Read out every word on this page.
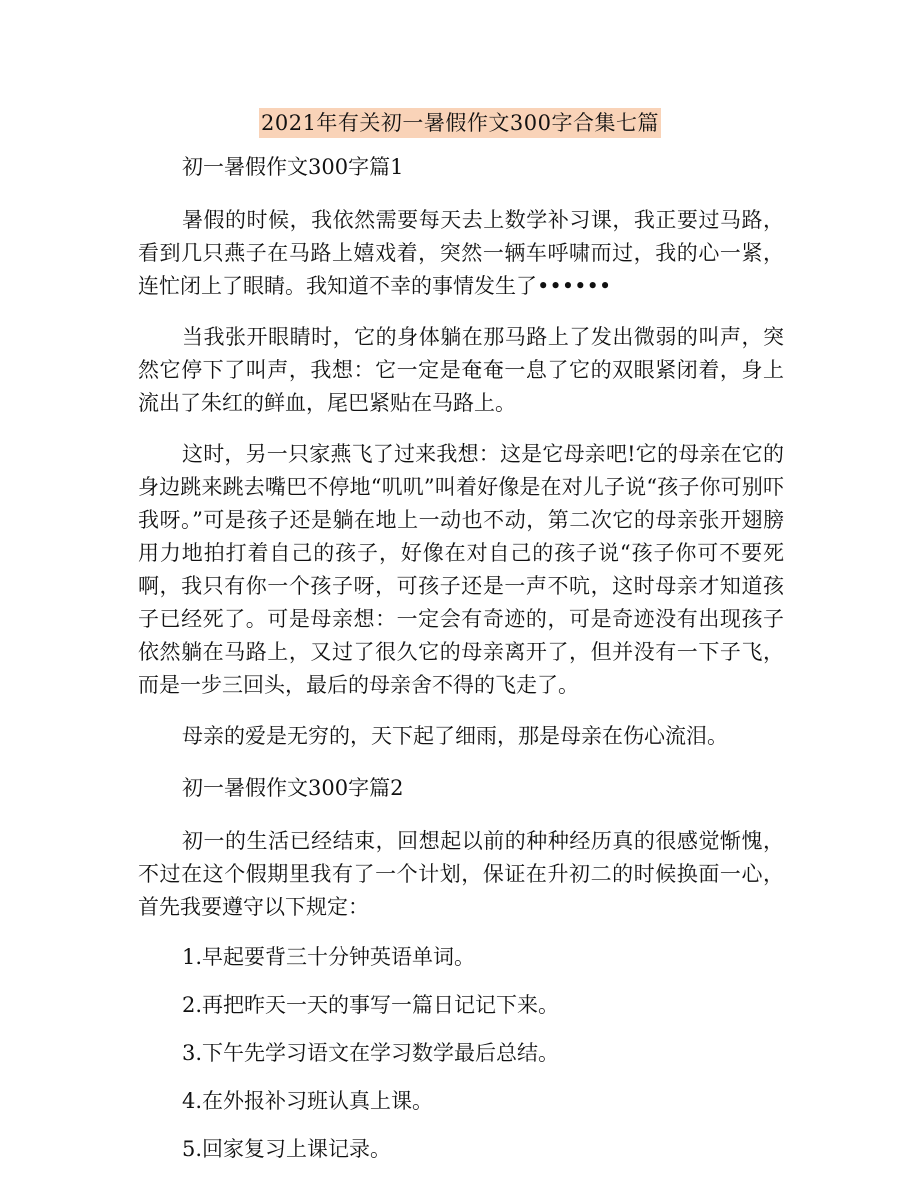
2021年有关初一暑假作文300字合集七篇
初一暑假作文300字篇1

暑假的时候，我依然需要每天去上数学补习课，我正要过马路，看到几只燕子在马路上嬉戏着，突然一辆车呼啸而过，我的心一紧，连忙闭上了眼睛。我知道不幸的事情发生了••••••

当我张开眼睛时，它的身体躺在那马路上了发出微弱的叫声，突然它停下了叫声，我想：它一定是奄奄一息了它的双眼紧闭着，身上流出了朱红的鲜血，尾巴紧贴在马路上。

这时，另一只家燕飞了过来我想：这是它母亲吧!它的母亲在它的身边跳来跳去嘴巴不停地“叽叽”叫着好像是在对儿子说“孩子你可别吓我呀。”可是孩子还是躺在地上一动也不动，第二次它的母亲张开翅膀用力地拍打着自己的孩子，好像在对自己的孩子说“孩子你可不要死啊，我只有你一个孩子呀，可孩子还是一声不吭，这时母亲才知道孩子已经死了。可是母亲想：一定会有奇迹的，可是奇迹没有出现孩子依然躺在马路上，又过了很久它的母亲离开了，但并没有一下子飞，而是一步三回头，最后的母亲舍不得的飞走了。

母亲的爱是无穷的，天下起了细雨，那是母亲在伤心流泪。

初一暑假作文300字篇2

初一的生活已经结束，回想起以前的种种经历真的很感觉惭愧，不过在这个假期里我有了一个计划，保证在升初二的时候换面一心，首先我要遵守以下规定：

1.早起要背三十分钟英语单词。
2.再把昨天一天的事写一篇日记记下来。
3.下午先学习语文在学习数学最后总结。
4.在外报补习班认真上课。
5.回家复习上课记录。
